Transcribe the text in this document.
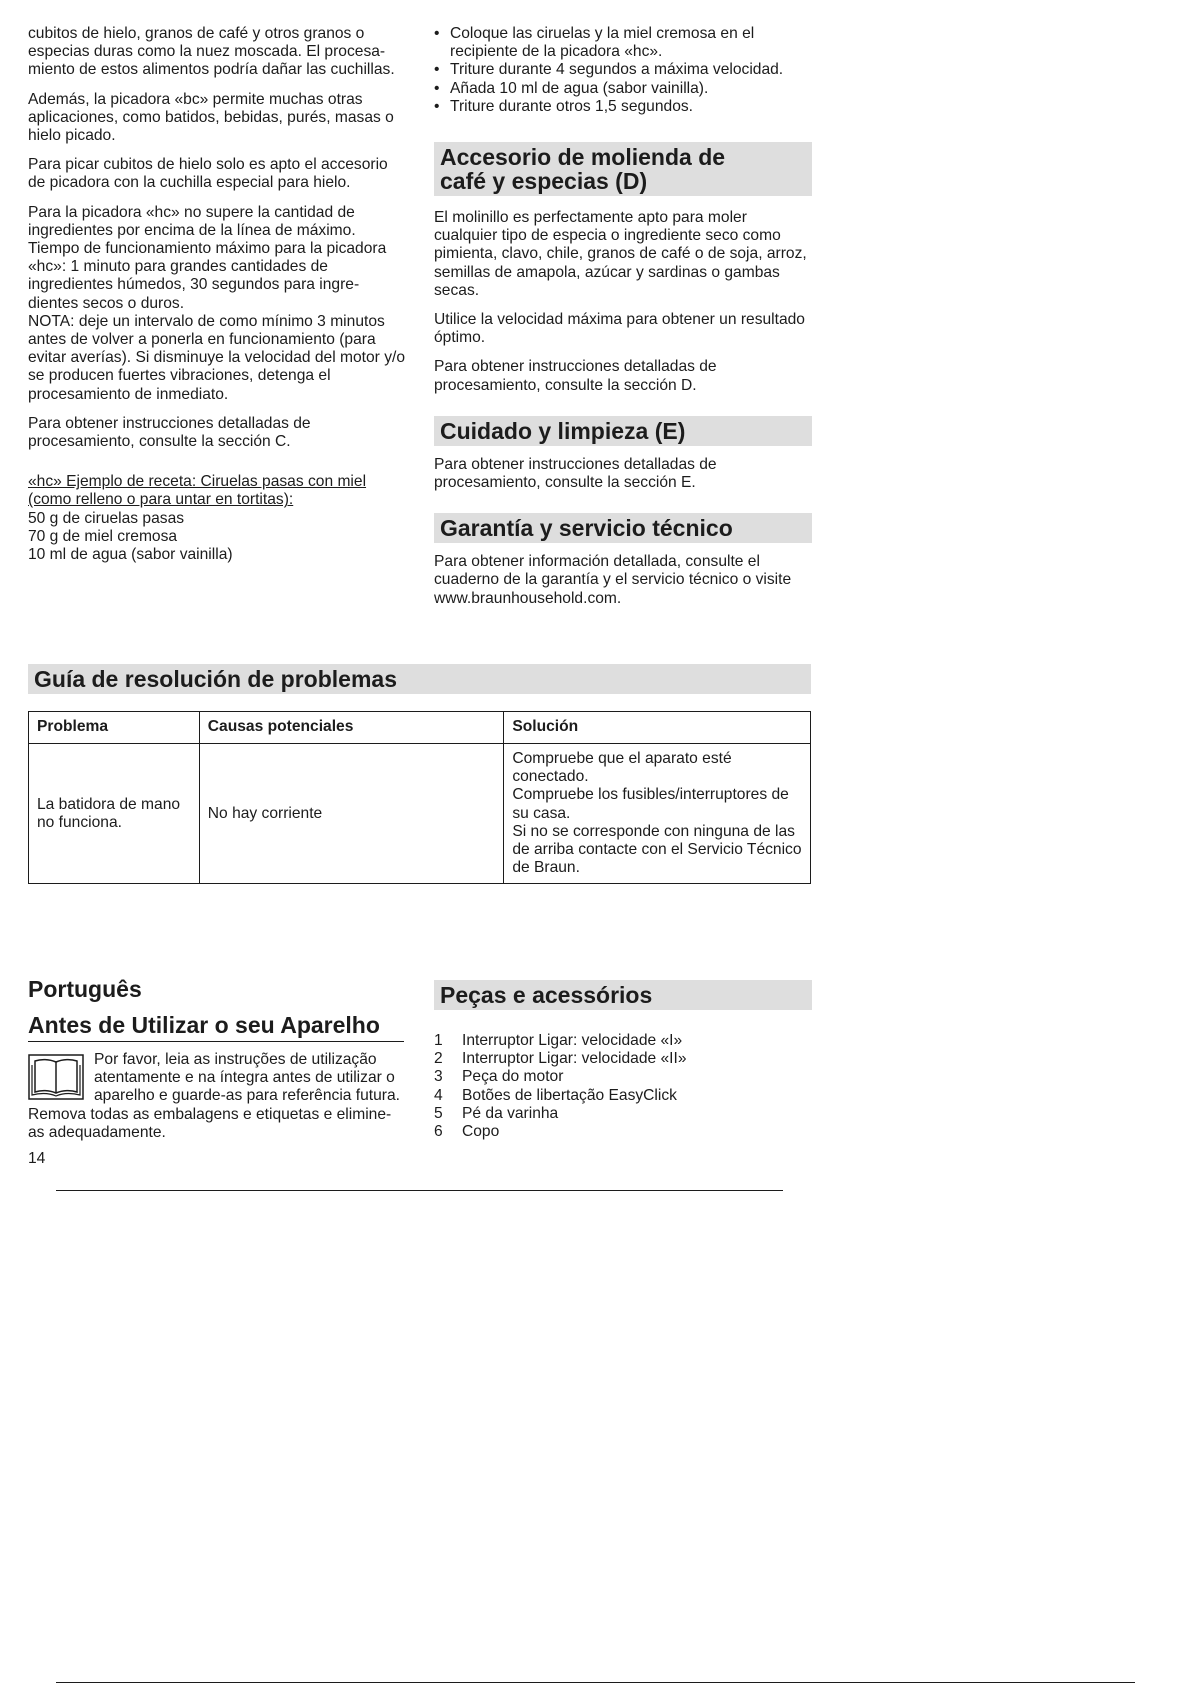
cubitos de hielo, granos de café y otros granos o especias duras como la nuez moscada. El procesa-miento de estos alimentos podría dañar las cuchillas.

Además, la picadora «bc» permite muchas otras aplicaciones, como batidos, bebidas, purés, masas o hielo picado.

Para picar cubitos de hielo solo es apto el accesorio de picadora con la cuchilla especial para hielo.

Para la picadora «hc» no supere la cantidad de ingredientes por encima de la línea de máximo. Tiempo de funcionamiento máximo para la picadora «hc»: 1 minuto para grandes cantidades de ingredientes húmedos, 30 segundos para ingre-dientes secos o duros.

NOTA: deje un intervalo de como mínimo 3 minutos antes de volver a ponerla en funcionamiento (para evitar averías). Si disminuye la velocidad del motor y/o se producen fuertes vibraciones, detenga el procesamiento de inmediato.

Para obtener instrucciones detalladas de procesamiento, consulte la sección C.

«hc» Ejemplo de receta: Ciruelas pasas con miel

(como relleno o para untar en tortitas):

50 g de ciruelas pasas

70 g de miel cremosa

10 ml de agua (sabor vainilla)

• Coloque las ciruelas y la miel cremosa en el recipiente de la picadora «hc».
• Triture durante 4 segundos a máxima velocidad.
• Añada 10 ml de agua (sabor vainilla).
• Triture durante otros 1,5 segundos.
Accesorio de molienda de
café y especias (D)

El molinillo es perfectamente apto para moler cualquier tipo de especia o ingrediente seco como pimienta, clavo, chile, granos de café o de soja, arroz, semillas de amapola, azúcar y sardinas o gambas secas.

Utilice la velocidad máxima para obtener un resultado óptimo.

Para obtener instrucciones detalladas de procesamiento, consulte la sección D.

Cuidado y limpieza (E)

Para obtener instrucciones detalladas de procesamiento, consulte la sección E.

Garantía y servicio técnico

Para obtener información detallada, consulte el cuaderno de la garantía y el servicio técnico o visite www.braunhousehold.com.

Guía de resolución de problemas
Problema	Causas potenciales	Solución
La batidora de mano no funciona.	No hay corriente	Compruebe que el aparato esté conectado.
Compruebe los fusibles/interruptores de su casa.
Si no se corresponde con ninguna de las de arriba contacte con el Servicio Técnico de Braun.
Português
Antes de Utilizar o seu Aparelho

Por favor, leia as instruções de utilização atentamente e na íntegra antes de utilizar o aparelho e guarde-as para referência futura. Remova todas as embalagens e etiquetas e elimine-as adequadamente.

Peças e acessórios
1	Interruptor Ligar: velocidade «I»
2	Interruptor Ligar: velocidade «II»
3	Peça do motor
4	Botões de libertação EasyClick
5	Pé da varinha
6	Copo
14
